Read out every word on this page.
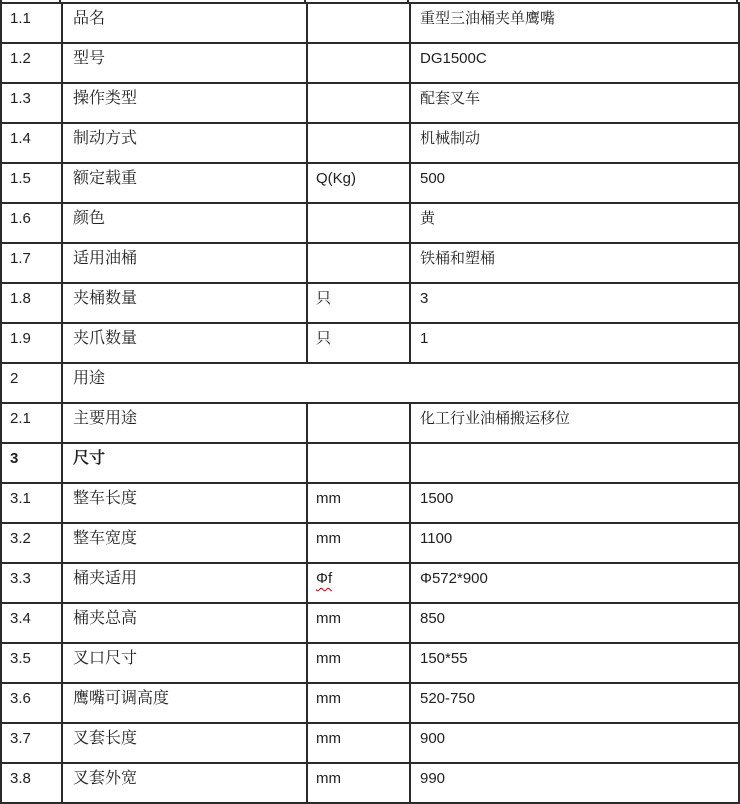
1.1	品名		重型三油桶夹单鹰嘴
1.2	型号		DG1500C
1.3	操作类型		配套叉车
1.4	制动方式		机械制动
1.5	额定载重	Q(Kg)	500
1.6	颜色		黄
1.7	适用油桶		铁桶和塑桶
1.8	夹桶数量	只	3
1.9	夹爪数量	只	1
2	用途		
2.1	主要用途		化工行业油桶搬运移位
3	尺寸		
3.1	整车长度	mm	1500
3.2	整车宽度	mm	1100
3.3	桶夹适用	Φf	Φ572*900
3.4	桶夹总高	mm	850
3.5	叉口尺寸	mm	150*55
3.6	鹰嘴可调高度	mm	520-750
3.7	叉套长度	mm	900
3.8	叉套外宽	mm	990
